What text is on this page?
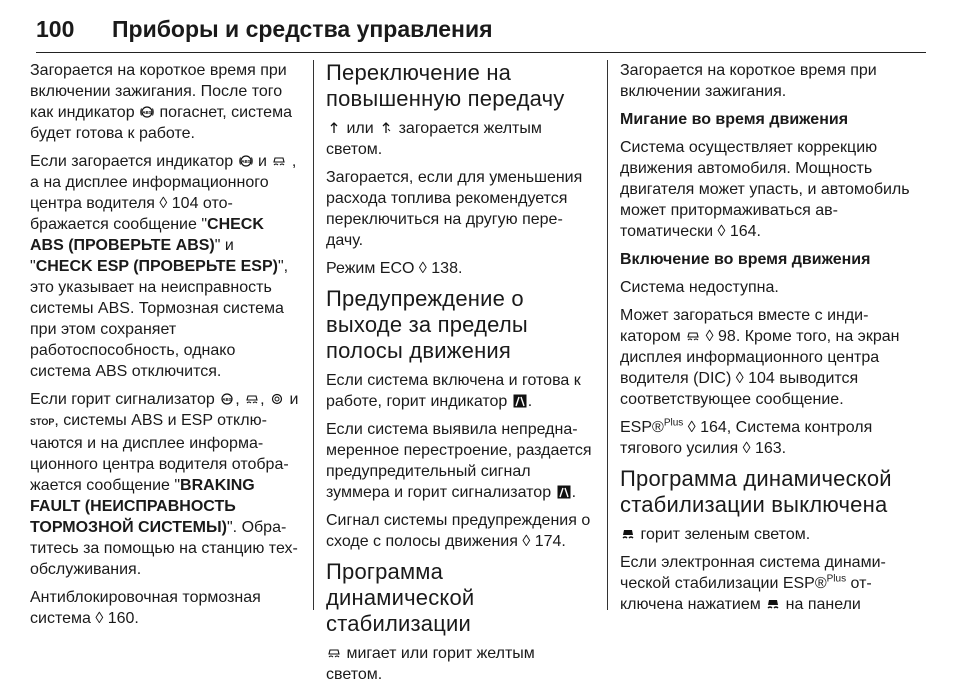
100 Приборы и средства управления

Загорается на короткое время при включении зажигания. После того как индикатор ABS погаснет, система будет готова к работе.

Если загорается индикатор ABS и , а на дисплее информационного центра водителя ◊ 104 отображается сообщение "CHECK ABS (ПРОВЕРЬТЕ ABS)" и "CHECK ESP (ПРОВЕРЬТЕ ESP)", это указывает на неисправность системы ABS. Тормозная система при этом сохраняет работоспособность, однако система ABS отключится.

Если горит сигнализатор ABS , , и STOP, системы ABS и ESP отключаются и на дисплее информационного центра водителя отображается сообщение "BRAKING FAULT (НЕИСПРАВНОСТЬ ТОРМОЗНОЙ СИСТЕМЫ)". Обратитесь за помощью на станцию техобслуживания.

Антиблокировочная тормозная система ◊ 160.

Переключение на повышенную передачу

или загорается желтым светом.

Загорается, если для уменьшения расхода топлива рекомендуется переключиться на другую передачу.

Режим ECO ◊ 138.

Предупреждение о выходе за пределы полосы движения

Если система включена и готова к работе, горит индикатор .

Если система выявила непреднамеренное перестроение, раздается предупредительный сигнал зуммера и горит сигнализатор .

Сигнал системы предупреждения о сходе с полосы движения ◊ 174.

Программа динамической стабилизации

мигает или горит желтым светом.

Загорается на короткое время при включении зажигания.

Мигание во время движения

Система осуществляет коррекцию движения автомобиля. Мощность двигателя может упасть, и автомобиль может притормаживаться автоматически ◊ 164.

Включение во время движения

Система недоступна.

Может загораться вместе с индикатором ◊ 98. Кроме того, на экран дисплея информационного центра водителя (DIC) ◊ 104 выводится соответствующее сообщение.

ESP®$^{Plus}$ ◊ 164, Система контроля тягового усилия ◊ 163.

Программа динамической стабилизации выключена

горит зеленым светом.

Если электронная система динамической стабилизации ESP®$^{Plus}$ отключена нажатием на панели
